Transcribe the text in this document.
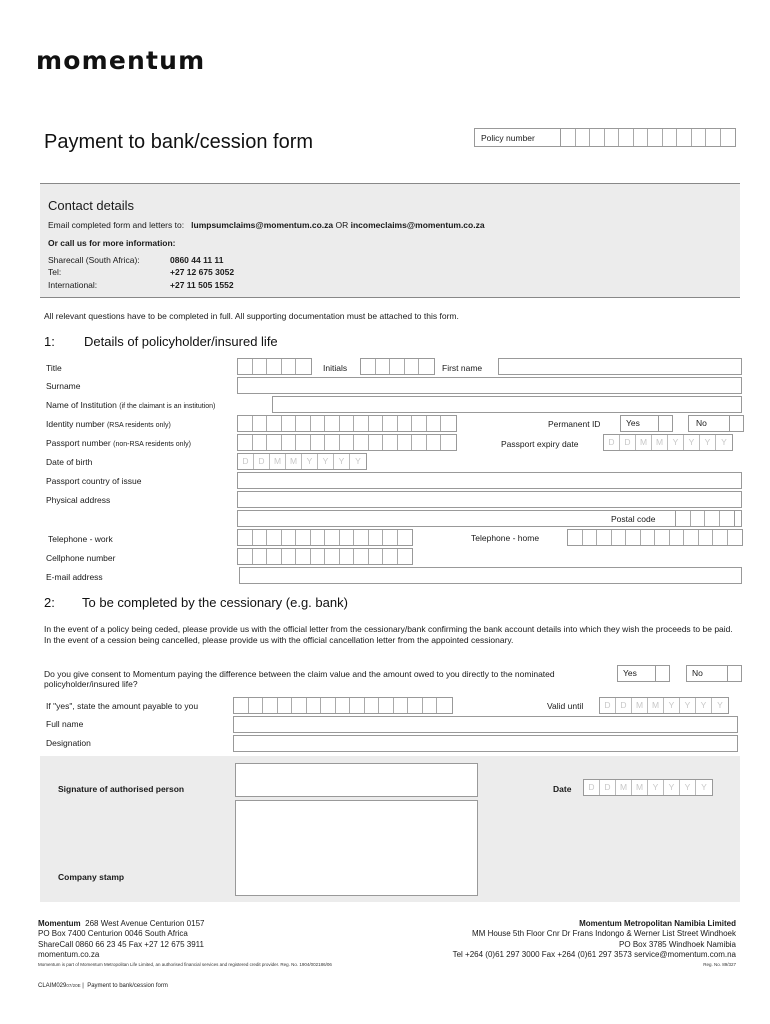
momentum
Payment to bank/cession form	Policy number
Contact details
Email completed form and letters to: lumpsumclaims@momentum.co.za OR incomeclaims@momentum.co.za
Or call us for more information:
Sharecall (South Africa):	0860 44 11 11
Tel:	+27 12 675 3052
International:	+27 11 505 1552
All relevant questions have to be completed in full. All supporting documentation must be attached to this form.
1: Details of policyholder/insured life
Title	Initials	First name
Surname
Name of Institution (if the claimant is an institution)
Identity number (RSA residents only)	Permanent ID	Yes	No
Passport number (non-RSA residents only)	Passport expiry date	D	D	M	M	Y	Y	Y	Y
Date of birth	D	D	M	M	Y	Y	Y	Y
Passport country of issue
Physical address
Postal code
Telephone - work	Telephone - home
Cellphone number
E-mail address
2: To be completed by the cessionary (e.g. bank)
In the event of a policy being ceded, please provide us with the official letter from the cessionary/bank confirming the bank account details into which they wish the proceeds to be paid. In the event of a cession being cancelled, please provide us with the official cancellation letter from the appointed cessionary.
Do you give consent to Momentum paying the difference between the claim value and the amount owed to you directly to the nominated policyholder/insured life?
Yes	No
If "yes", state the amount payable to you	Valid until	D	D	M	M	Y	Y	Y	Y
Full name
Designation
Signature of authorised person	Date	D	D	M	M	Y	Y	Y	Y
Company stamp
Momentum 268 West Avenue Centurion 0157
PO Box 7400 Centurion 0046 South Africa
ShareCall 0860 66 23 45 Fax +27 12 675 3911
momentum.co.za
Momentum is part of Momentum Metropolitan Life Limited, an authorised financial services and registered credit provider. Reg. No. 1904/002186/06
Momentum Metropolitan Namibia Limited
MM House 5th Floor Cnr Dr Frans Indongo & Werner List Street Windhoek
PO Box 3785 Windhoek Namibia
Tel +264 (0)61 297 3000 Fax +264 (0)61 297 3573 service@momentum.com.na
Reg. No. 89/327
CLAIM02907/20E |  Payment to bank/cession form
